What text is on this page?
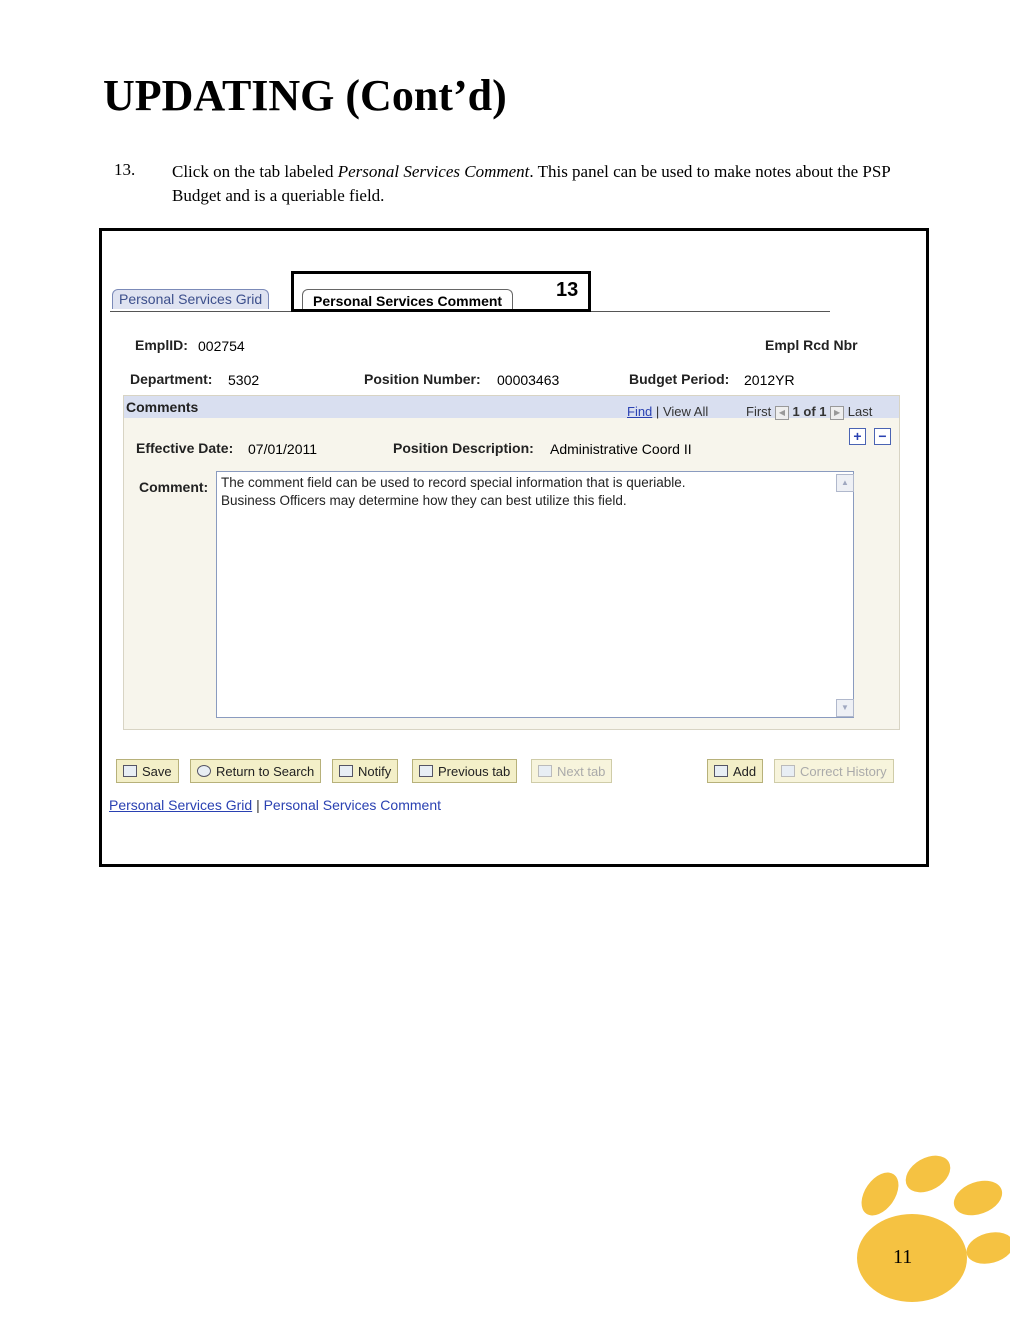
UPDATING (Cont’d)
13. Click on the tab labeled Personal Services Comment. This panel can be used to make notes about the PSP Budget and is a queriable field.
Personal Services Grid	Personal Services Comment	13
EmplID: 002754	Empl Rcd Nbr
Department: 5302	Position Number: 00003463	Budget Period: 2012YR
Comments	Find | View All	First ◀ 1 of 1 ▶ Last
+	−
Effective Date: 07/01/2011	Position Description: Administrative Coord II
Comment: The comment field can be used to record special information that is queriable.
Business Officers may determine how they can best utilize this field.
▲
▼
Save	Return to Search	Notify	Previous tab	Next tab	Add	Correct History
Personal Services Grid | Personal Services Comment
11
